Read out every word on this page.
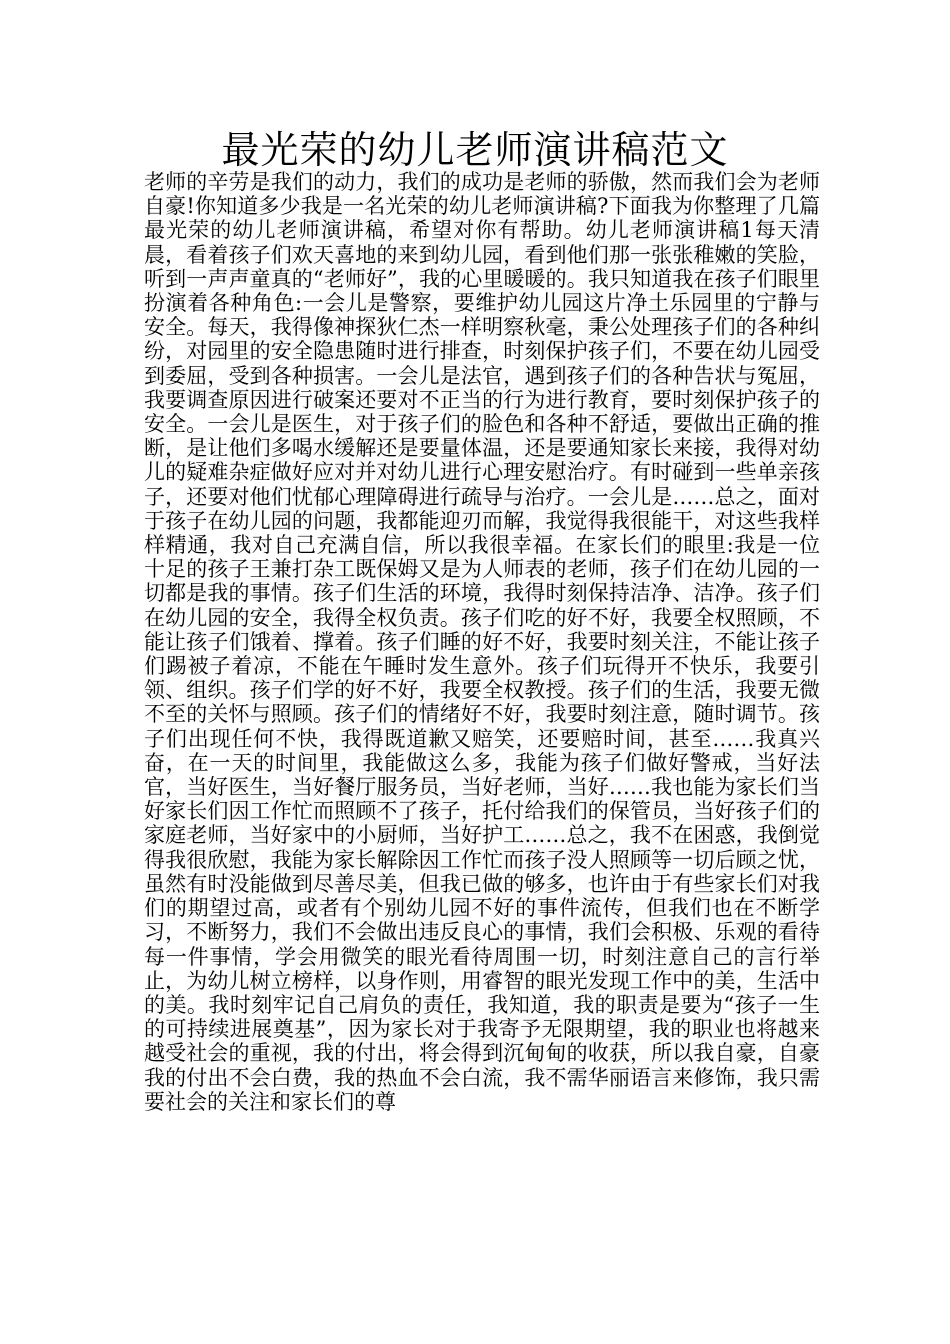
最光荣的幼儿老师演讲稿范文

老师的辛劳是我们的动力，我们的成功是老师的骄傲，然而我们会为老师自豪!你知道多少我是一名光荣的幼儿老师演讲稿?下面我为你整理了几篇最光荣的幼儿老师演讲稿，希望对你有帮助。幼儿老师演讲稿1每天清晨，看着孩子们欢天喜地的来到幼儿园，看到他们那一张张稚嫩的笑脸，听到一声声童真的“老师好”，我的心里暖暖的。我只知道我在孩子们眼里扮演着各种角色:一会儿是警察，要维护幼儿园这片净土乐园里的宁静与安全。每天，我得像神探狄仁杰一样明察秋毫，秉公处理孩子们的各种纠纷，对园里的安全隐患随时进行排查，时刻保护孩子们，不要在幼儿园受到委屈，受到各种损害。一会儿是法官，遇到孩子们的各种告状与冤屈，我要调查原因进行破案还要对不正当的行为进行教育，要时刻保护孩子的安全。一会儿是医生，对于孩子们的脸色和各种不舒适，要做出正确的推断，是让他们多喝水缓解还是要量体温，还是要通知家长来接，我得对幼儿的疑难杂症做好应对并对幼儿进行心理安慰治疗。有时碰到一些单亲孩子，还要对他们忧郁心理障碍进行疏导与治疗。一会儿是……总之，面对于孩子在幼儿园的问题，我都能迎刃而解，我觉得我很能干，对这些我样样精通，我对自己充满自信，所以我很幸福。在家长们的眼里:我是一位十足的孩子王兼打杂工既保姆又是为人师表的老师，孩子们在幼儿园的一切都是我的事情。孩子们生活的环境，我得时刻保持洁净、洁净。孩子们在幼儿园的安全，我得全权负责。孩子们吃的好不好，我要全权照顾，不能让孩子们饿着、撑着。孩子们睡的好不好，我要时刻关注，不能让孩子们踢被子着凉，不能在午睡时发生意外。孩子们玩得开不快乐，我要引领、组织。孩子们学的好不好，我要全权教授。孩子们的生活，我要无微不至的关怀与照顾。孩子们的情绪好不好，我要时刻注意，随时调节。孩子们出现任何不快，我得既道歉又赔笑，还要赔时间，甚至……我真兴奋，在一天的时间里，我能做这么多，我能为孩子们做好警戒，当好法官，当好医生，当好餐厅服务员，当好老师，当好……我也能为家长们当好家长们因工作忙而照顾不了孩子，托付给我们的保管员，当好孩子们的家庭老师，当好家中的小厨师，当好护工……总之，我不在困惑，我倒觉得我很欣慰，我能为家长解除因工作忙而孩子没人照顾等一切后顾之忧，虽然有时没能做到尽善尽美，但我已做的够多，也许由于有些家长们对我们的期望过高，或者有个别幼儿园不好的事件流传，但我们也在不断学习，不断努力，我们不会做出违反良心的事情，我们会积极、乐观的看待每一件事情，学会用微笑的眼光看待周围一切，时刻注意自己的言行举止，为幼儿树立榜样，以身作则，用睿智的眼光发现工作中的美，生活中的美。我时刻牢记自己肩负的责任，我知道，我的职责是要为“孩子一生的可持续进展奠基”，因为家长对于我寄予无限期望，我的职业也将越来越受社会的重视，我的付出，将会得到沉甸甸的收获，所以我自豪，自豪我的付出不会白费，我的热血不会白流，我不需华丽语言来修饰，我只需要社会的关注和家长们的尊
